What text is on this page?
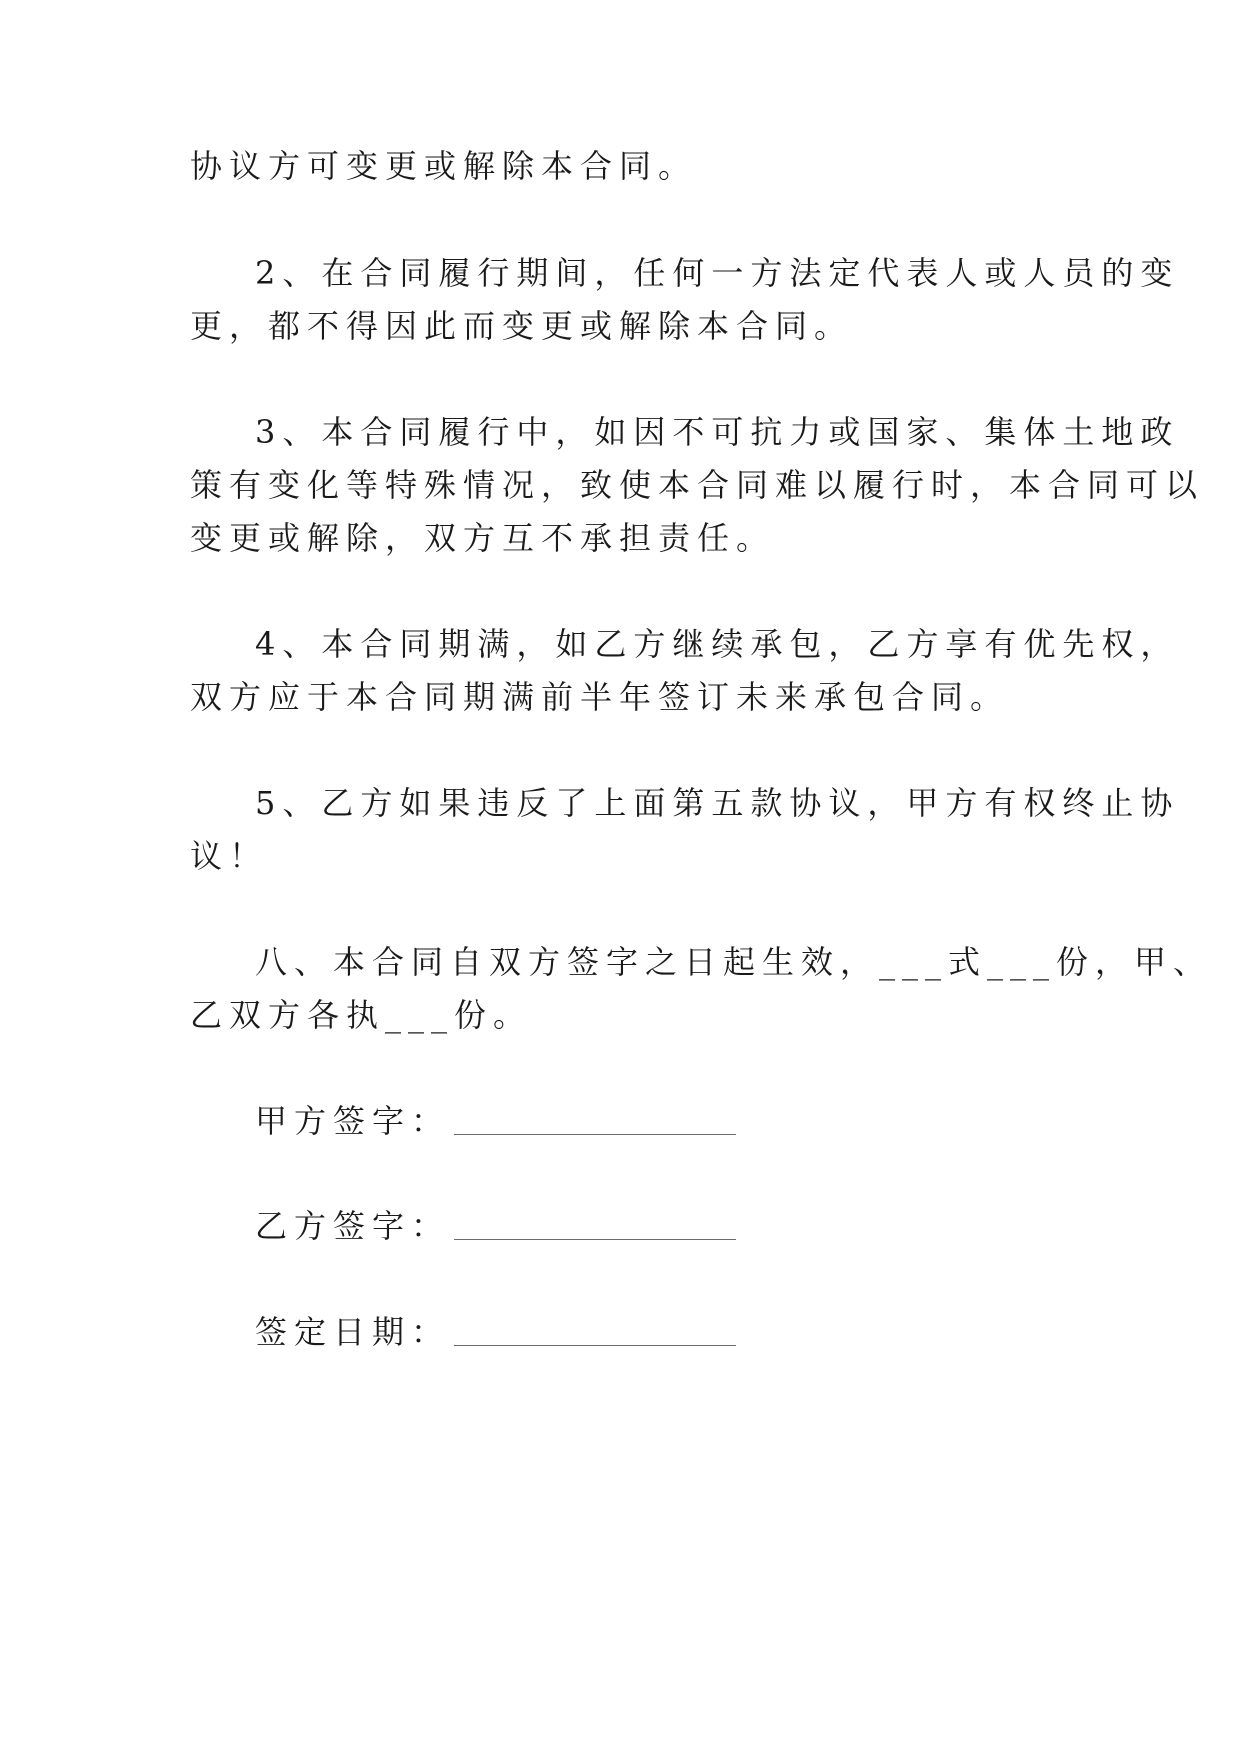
协议方可变更或解除本合同。
2、在合同履行期间，任何一方法定代表人或人员的变
更，都不得因此而变更或解除本合同。
3、本合同履行中，如因不可抗力或国家、集体土地政
策有变化等特殊情况，致使本合同难以履行时，本合同可以
变更或解除，双方互不承担责任。
4、本合同期满，如乙方继续承包，乙方享有优先权，
双方应于本合同期满前半年签订未来承包合同。
5、乙方如果违反了上面第五款协议，甲方有权终止协
议！
八、本合同自双方签字之日起生效，___式___份，甲、
乙双方各执___份。
甲方签字：
乙方签字：
签定日期：
